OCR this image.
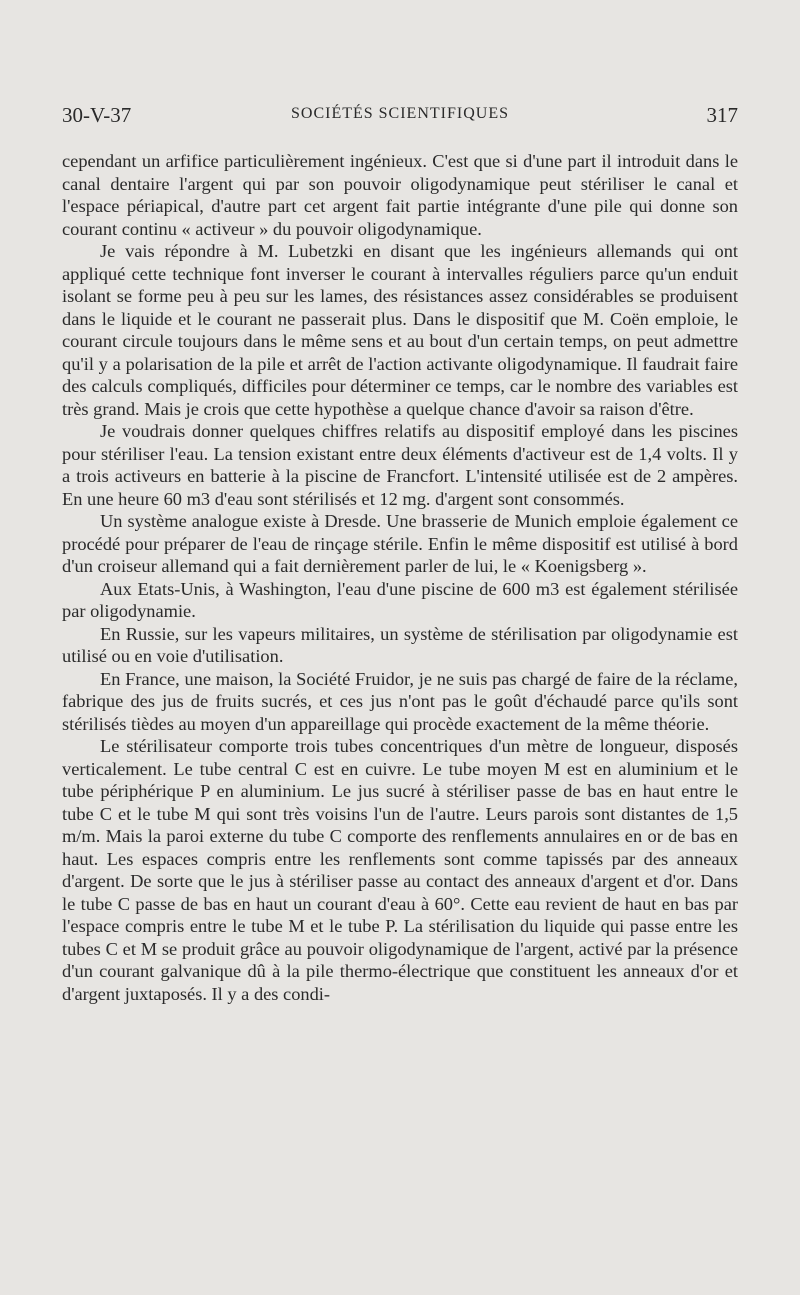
30-V-37	SOCIÉTÉS SCIENTIFIQUES	317

cependant un arfifice particulièrement ingénieux. C'est que si d'une part il introduit dans le canal dentaire l'argent qui par son pouvoir oligodynamique peut stériliser le canal et l'espace périapical, d'autre part cet argent fait partie intégrante d'une pile qui donne son courant continu « activeur » du pouvoir oligodynamique.

Je vais répondre à M. Lubetzki en disant que les ingénieurs allemands qui ont appliqué cette technique font inverser le courant à intervalles réguliers parce qu'un enduit isolant se forme peu à peu sur les lames, des résistances assez considérables se produisent dans le liquide et le courant ne passerait plus. Dans le dispositif que M. Coën emploie, le courant circule toujours dans le même sens et au bout d'un certain temps, on peut admettre qu'il y a polarisation de la pile et arrêt de l'action activante oligodynamique. Il faudrait faire des calculs compliqués, difficiles pour déterminer ce temps, car le nombre des variables est très grand. Mais je crois que cette hypothèse a quelque chance d'avoir sa raison d'être.

Je voudrais donner quelques chiffres relatifs au dispositif employé dans les piscines pour stériliser l'eau. La tension existant entre deux éléments d'activeur est de 1,4 volts. Il y a trois activeurs en batterie à la piscine de Francfort. L'intensité utilisée est de 2 ampères. En une heure 60 m3 d'eau sont stérilisés et 12 mg. d'argent sont consommés.

Un système analogue existe à Dresde. Une brasserie de Munich emploie également ce procédé pour préparer de l'eau de rinçage stérile. Enfin le même dispositif est utilisé à bord d'un croiseur allemand qui a fait dernièrement parler de lui, le « Koenigsberg ».

Aux Etats-Unis, à Washington, l'eau d'une piscine de 600 m3 est également stérilisée par oligodynamie.

En Russie, sur les vapeurs militaires, un système de stérilisation par oligodynamie est utilisé ou en voie d'utilisation.

En France, une maison, la Société Fruidor, je ne suis pas chargé de faire de la réclame, fabrique des jus de fruits sucrés, et ces jus n'ont pas le goût d'échaudé parce qu'ils sont stérilisés tièdes au moyen d'un appareillage qui procède exactement de la même théorie.

Le stérilisateur comporte trois tubes concentriques d'un mètre de longueur, disposés verticalement. Le tube central C est en cuivre. Le tube moyen M est en aluminium et le tube périphérique P en aluminium. Le jus sucré à stériliser passe de bas en haut entre le tube C et le tube M qui sont très voisins l'un de l'autre. Leurs parois sont distantes de 1,5 m/m. Mais la paroi externe du tube C comporte des renflements annulaires en or de bas en haut. Les espaces compris entre les renflements sont comme tapissés par des anneaux d'argent. De sorte que le jus à stériliser passe au contact des anneaux d'argent et d'or. Dans le tube C passe de bas en haut un courant d'eau à 60°. Cette eau revient de haut en bas par l'espace compris entre le tube M et le tube P. La stérilisation du liquide qui passe entre les tubes C et M se produit grâce au pouvoir oligodynamique de l'argent, activé par la présence d'un courant galvanique dû à la pile thermo-électrique que constituent les anneaux d'or et d'argent juxtaposés. Il y a des condi-
